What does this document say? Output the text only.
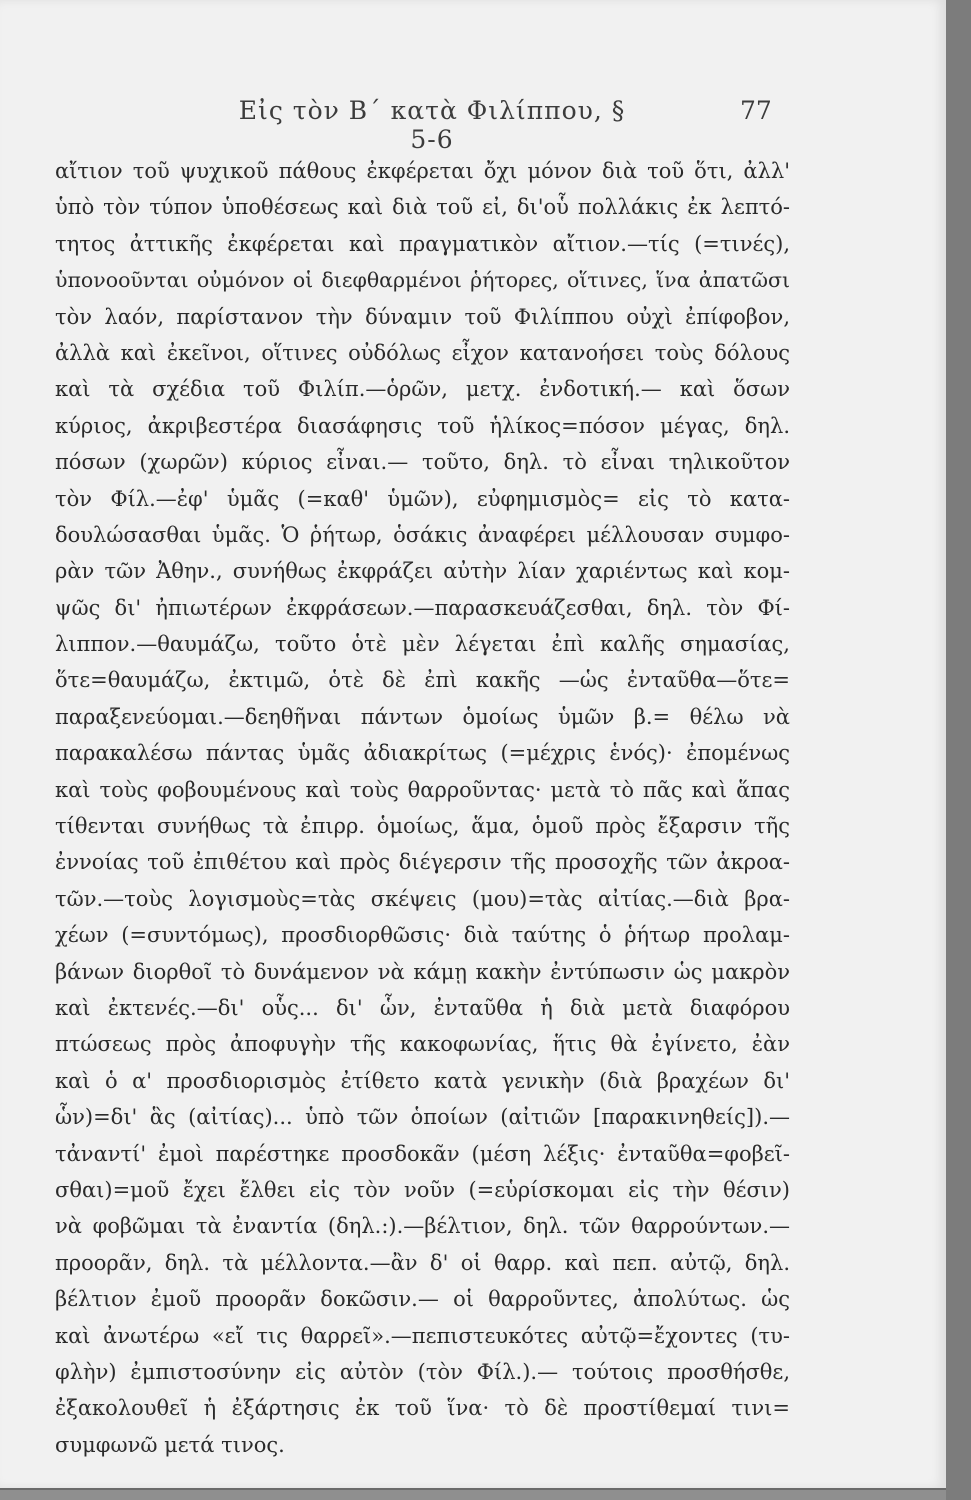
Εἰς τὸν Β΄ κατὰ Φιλίππου, § 5-6
77
αἴτιον τοῦ ψυχικοῦ πάθους ἐκφέρεται ὄχι μόνον διὰ τοῦ ὅτι, ἀλλ'
ὑπὸ τὸν τύπον ὑποθέσεως καὶ διὰ τοῦ εἰ, δι'οὗ πολλάκις ἐκ λεπτό-
τητος ἀττικῆς ἐκφέρεται καὶ πραγματικὸν αἴτιον.—τίς (=τινές),
ὑπονοοῦνται οὐμόνον οἱ διεφθαρμένοι ῥήτορες, οἵτινες, ἵνα ἀπατῶσι
τὸν λαόν, παρίστανον τὴν δύναμιν τοῦ Φιλίππου οὐχὶ ἐπίφοβον,
ἀλλὰ καὶ ἐκεῖνοι, οἵτινες οὐδόλως εἶχον κατανοήσει τοὺς δόλους
καὶ τὰ σχέδια τοῦ Φιλίπ.—ὁρῶν, μετχ. ἐνδοτική.— καὶ ὅσων
κύριος, ἀκριβεστέρα διασάφησις τοῦ ἡλίκος=πόσον μέγας, δηλ.
πόσων (χωρῶν) κύριος εἶναι.— τοῦτο, δηλ. τὸ εἶναι τηλικοῦτον
τὸν Φίλ.—ἐφ' ὑμᾶς (=καθ' ὑμῶν), εὐφημισμὸς= εἰς τὸ κατα-
δουλώσασθαι ὑμᾶς. Ὁ ῥήτωρ, ὁσάκις ἀναφέρει μέλλουσαν συμφο-
ρὰν τῶν Ἀθην., συνήθως ἐκφράζει αὐτὴν λίαν χαριέντως καὶ κομ-
ψῶς δι' ἠπιωτέρων ἐκφράσεων.—παρασκευάζεσθαι, δηλ. τὸν Φί-
λιππον.—θαυμάζω, τοῦτο ὁτὲ μὲν λέγεται ἐπὶ καλῆς σημασίας,
ὅτε=θαυμάζω, ἐκτιμῶ, ὁτὲ δὲ ἐπὶ κακῆς —ὡς ἐνταῦθα—ὅτε=
παραξενεύομαι.—δεηθῆναι πάντων ὁμοίως ὑμῶν β.= θέλω νὰ
παρακαλέσω πάντας ὑμᾶς ἀδιακρίτως (=μέχρις ἑνός)· ἐπομένως
καὶ τοὺς φοβουμένους καὶ τοὺς θαρροῦντας· μετὰ τὸ πᾶς καὶ ἅπας
τίθενται συνήθως τὰ ἐπιρρ. ὁμοίως, ἅμα, ὁμοῦ πρὸς ἔξαρσιν τῆς
ἐννοίας τοῦ ἐπιθέτου καὶ πρὸς διέγερσιν τῆς προσοχῆς τῶν ἀκροα-
τῶν.—τοὺς λογισμοὺς=τὰς σκέψεις (μου)=τὰς αἰτίας.—διὰ βρα-
χέων (=συντόμως), προσδιορθῶσις· διὰ ταύτης ὁ ῥήτωρ προλαμ-
βάνων διορθοῖ τὸ δυνάμενον νὰ κάμῃ κακὴν ἐντύπωσιν ὡς μακρὸν
καὶ ἐκτενές.—δι' οὗς... δι' ὧν, ἐνταῦθα ἡ διὰ μετὰ διαφόρου
πτώσεως πρὸς ἀποφυγὴν τῆς κακοφωνίας, ἥτις θὰ ἐγίνετο, ἐὰν
καὶ ὁ α' προσδιορισμὸς ἐτίθετο κατὰ γενικὴν (διὰ βραχέων δι'
ὧν)=δι' ἃς (αἰτίας)... ὑπὸ τῶν ὁποίων (αἰτιῶν [παρακινηθείς]).—
τἀναντί' ἐμοὶ παρέστηκε προσδοκᾶν (μέση λέξις· ἐνταῦθα=φοβεῖ-
σθαι)=μοῦ ἔχει ἔλθει εἰς τὸν νοῦν (=εὑρίσκομαι εἰς τὴν θέσιν)
νὰ φοβῶμαι τὰ ἐναντία (δηλ.:).—βέλτιον, δηλ. τῶν θαρρούντων.—
προορᾶν, δηλ. τὰ μέλλοντα.—ἂν δ' οἱ θαρρ. καὶ πεπ. αὐτῷ, δηλ.
βέλτιον ἐμοῦ προορᾶν δοκῶσιν.— οἱ θαρροῦντες, ἀπολύτως. ὡς
καὶ ἀνωτέρω «εἴ τις θαρρεῖ».—πεπιστευκότες αὐτῷ=ἔχοντες (τυ-
φλὴν) ἐμπιστοσύνην εἰς αὐτὸν (τὸν Φίλ.).— τούτοις προσθήσθε,
ἐξακολουθεῖ ἡ ἐξάρτησις ἐκ τοῦ ἵνα· τὸ δὲ προστίθεμαί τινι=
συμφωνῶ μετά τινος.
